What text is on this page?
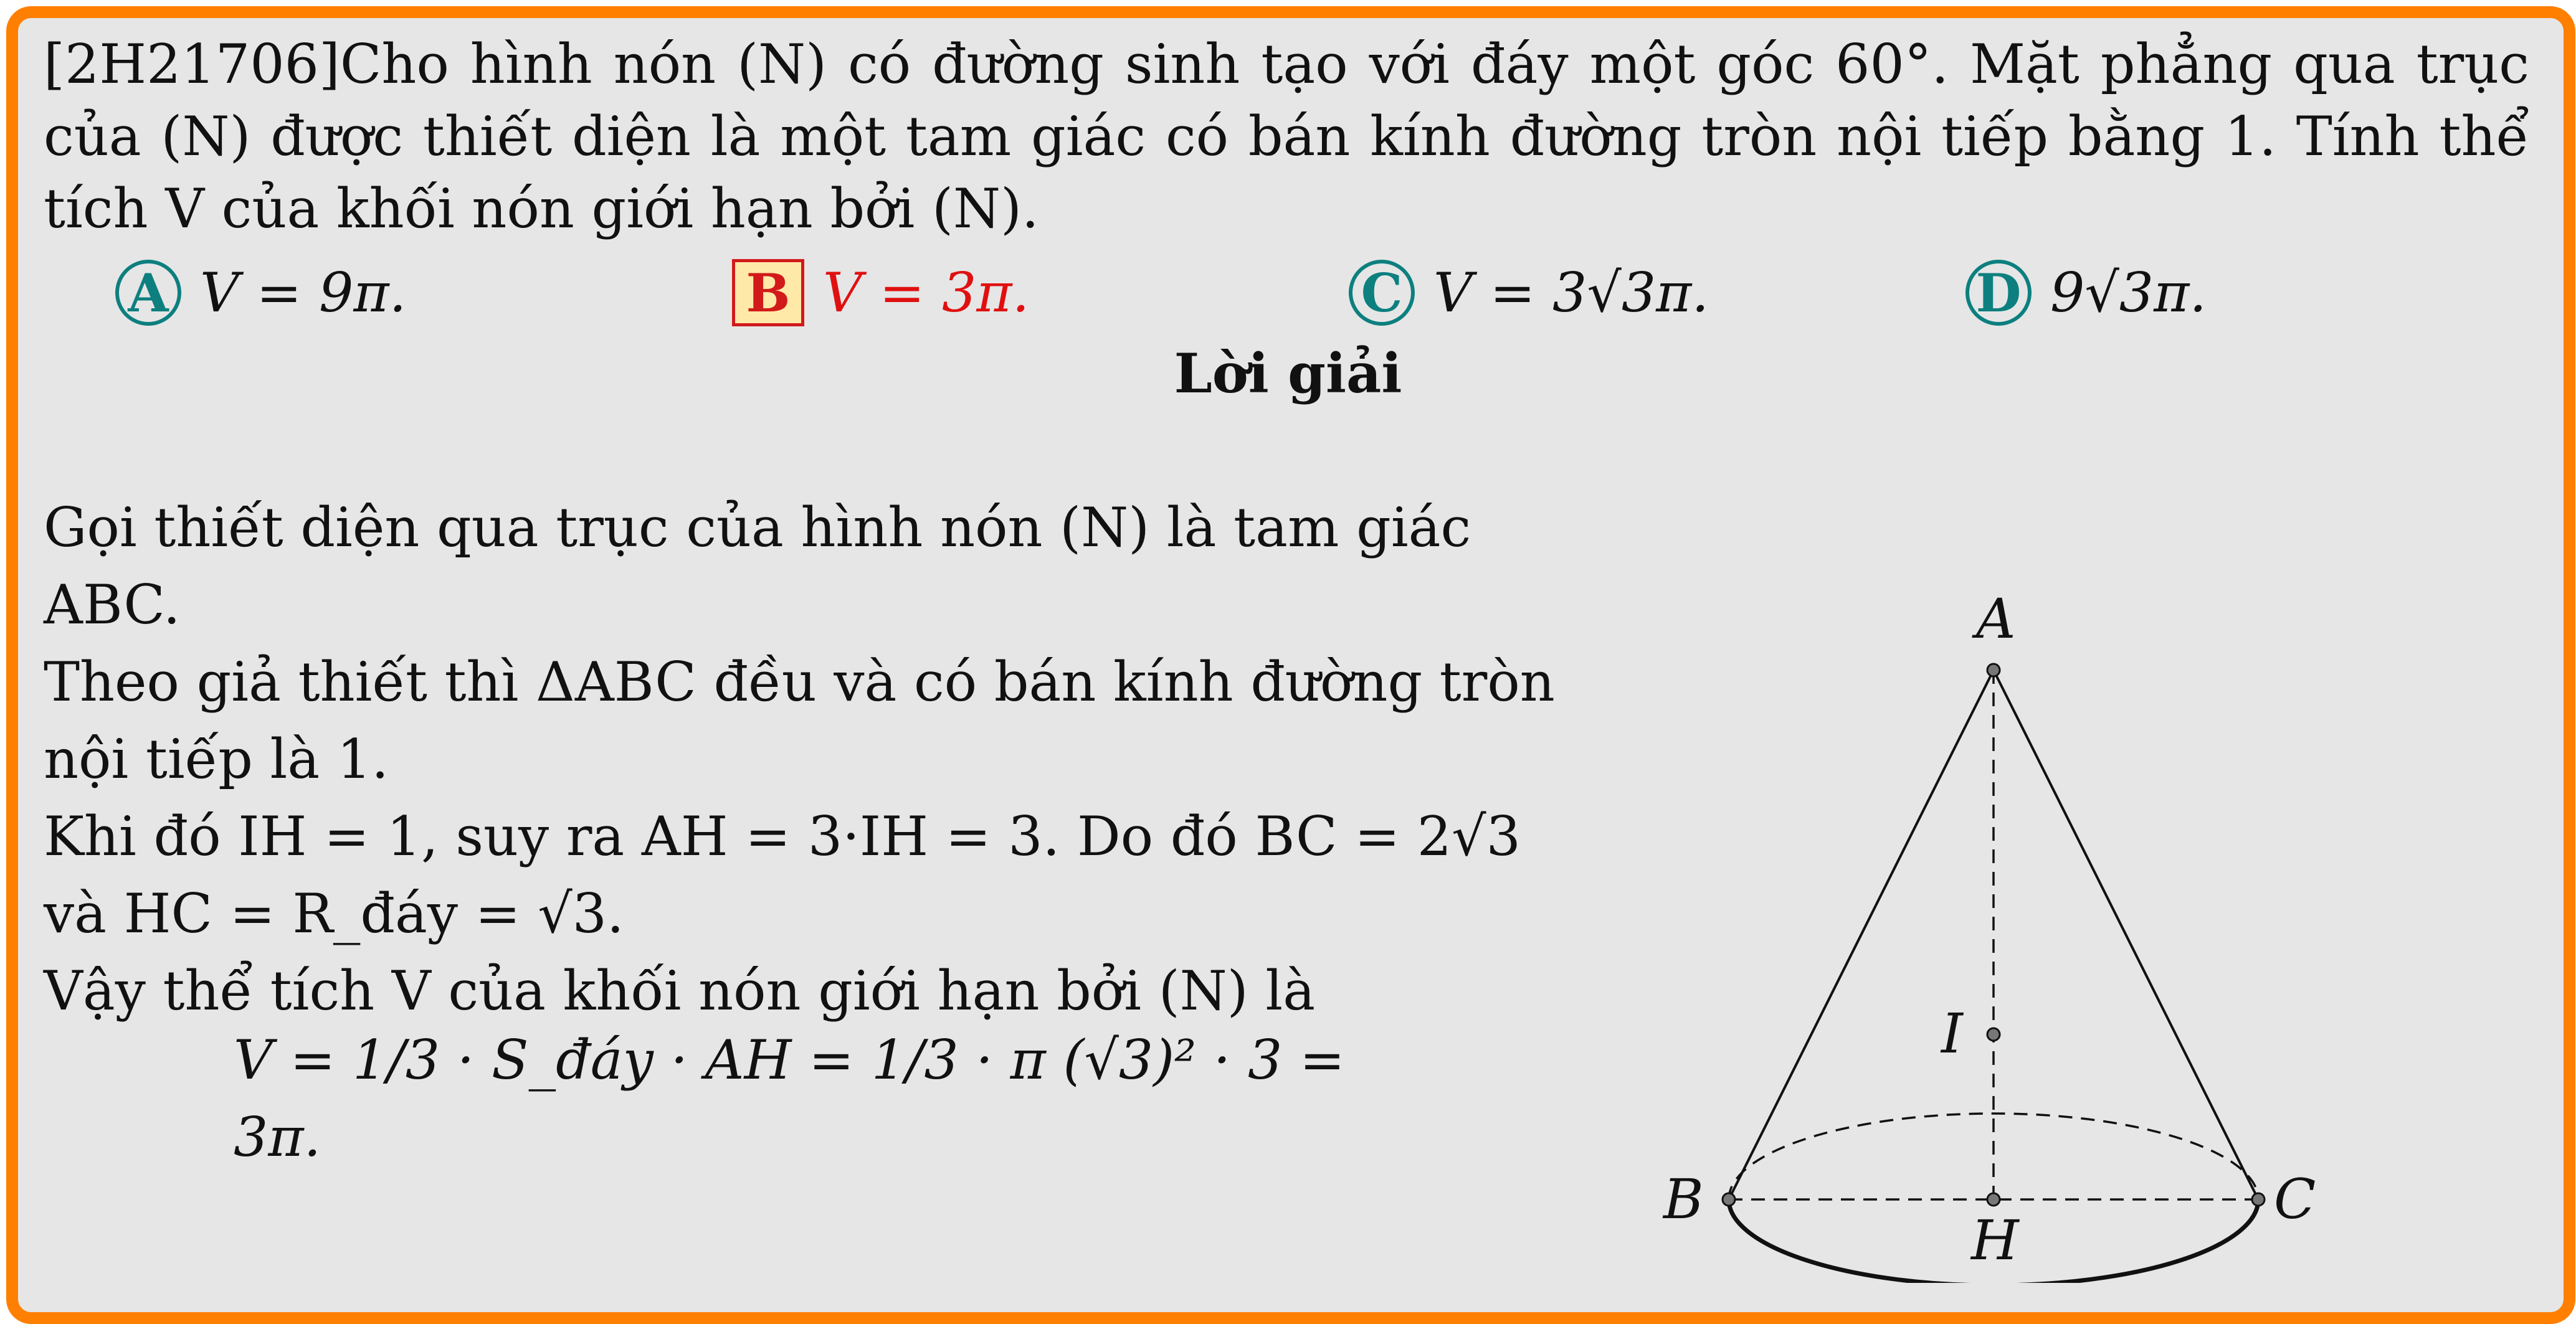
[2H21706]Cho hình nón (N) có đường sinh tạo với đáy một góc 60°. Mặt phẳng qua trục của (N) được thiết diện là một tam giác có bán kính đường tròn nội tiếp bằng 1. Tính thể tích V của khối nón giới hạn bởi (N).
A V = 9π.	B V = 3π.	C V = 3√3π.	D 9√3π.
Lời giải

Gọi thiết diện qua trục của hình nón (N) là tam giác ABC.

Theo giả thiết thì ΔABC đều và có bán kính đường tròn nội tiếp là 1.

Khi đó IH = 1, suy ra AH = 3·IH = 3. Do đó BC = 2√3 và HC = R_đáy = √3.

Vậy thể tích V của khối nón giới hạn bởi (N) là

V = 1/3 · S_đáy · AH = 1/3 · π (√3)² · 3 = 3π.
A
I
B	C
H
